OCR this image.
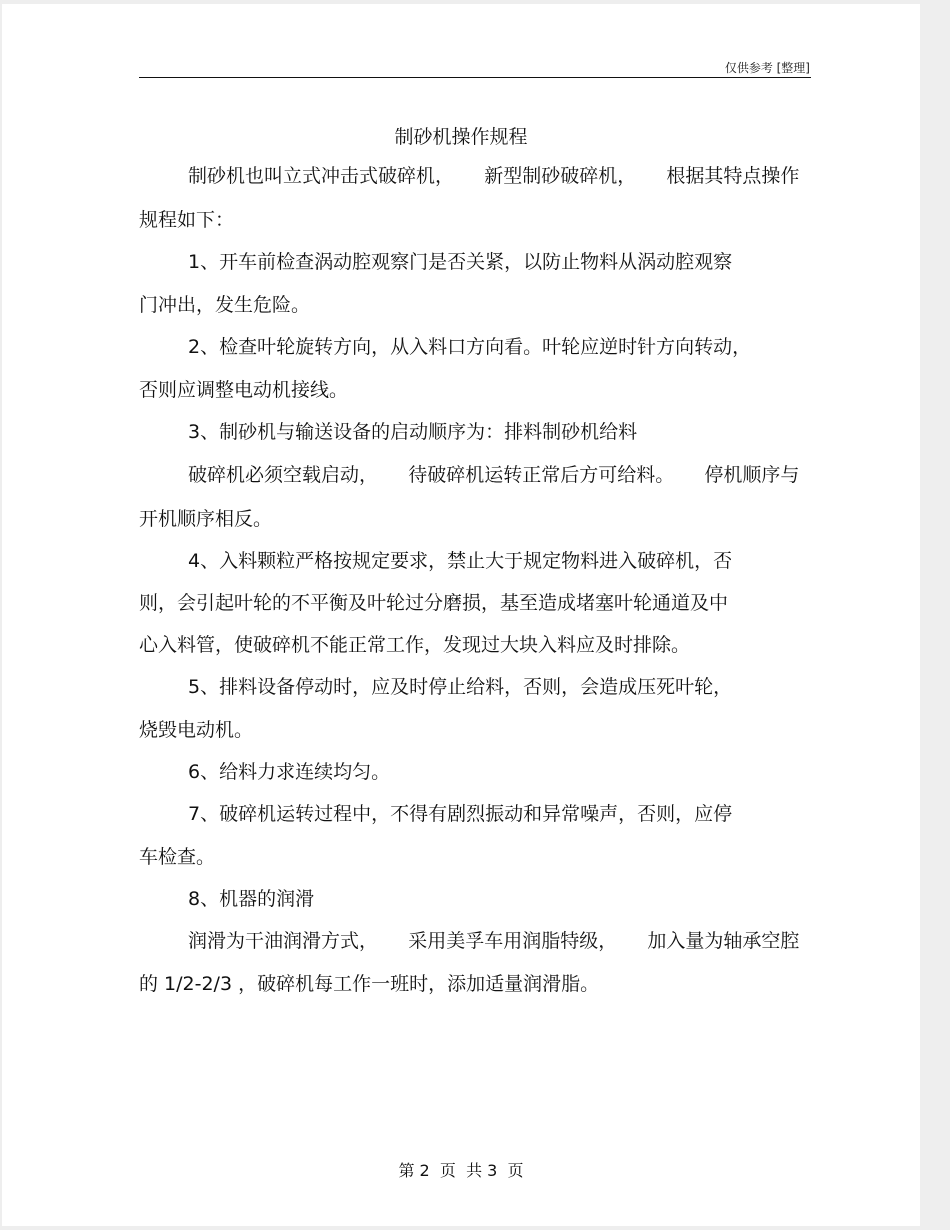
仅供参考 [整理]
制砂机操作规程
制砂机也叫立式冲击式破碎机，     新型制砂破碎机，     根据其特点操作
规程如下：
1、开车前检查涡动腔观察门是否关紧，以防止物料从涡动腔观察
门冲出，发生危险。
2、检查叶轮旋转方向，从入料口方向看。叶轮应逆时针方向转动，
否则应调整电动机接线。
3、制砂机与输送设备的启动顺序为：排料制砂机给料
破碎机必须空载启动，     待破碎机运转正常后方可给料。     停机顺序与
开机顺序相反。
4、入料颗粒严格按规定要求，禁止大于规定物料进入破碎机，否
则，会引起叶轮的不平衡及叶轮过分磨损，基至造成堵塞叶轮通道及中
心入料管，使破碎机不能正常工作，发现过大块入料应及时排除。
5、排料设备停动时，应及时停止给料，否则，会造成压死叶轮，
烧毁电动机。
6、给料力求连续均匀。
7、破碎机运转过程中，不得有剧烈振动和异常噪声，否则，应停
车检查。
8、机器的润滑
润滑为干油润滑方式，     采用美孚车用润脂特级，     加入量为轴承空腔
的 1/2-2/3 ，破碎机每工作一班时，添加适量润滑脂。
第 2  页  共 3  页
